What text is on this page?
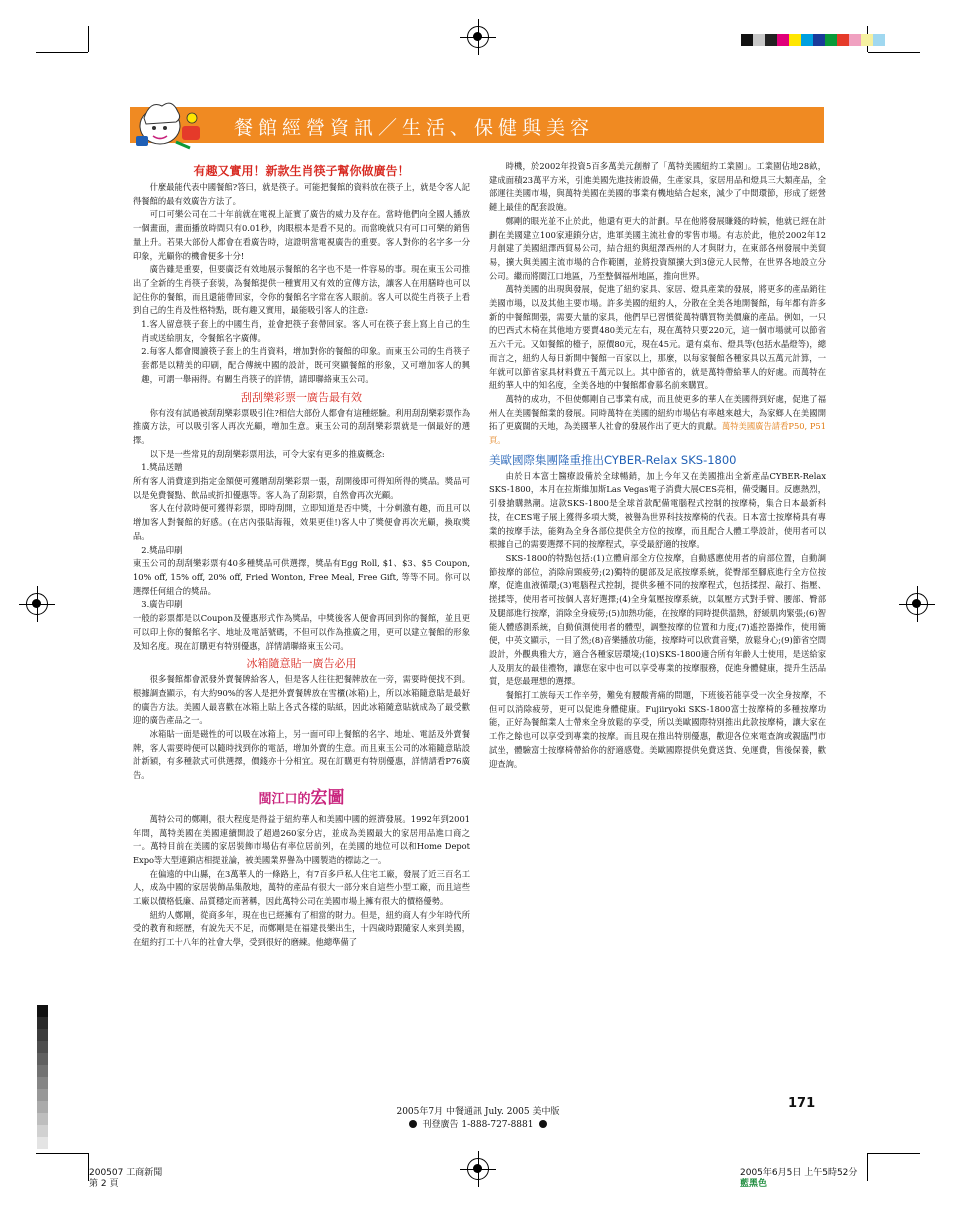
餐館經營資訊／生活、保健與美容
有趣又實用！新款生肖筷子幫你做廣告！

什麼最能代表中國餐館?答曰，就是筷子。可能把餐館的資料放在筷子上，就是令客人記得餐館的最有效廣告方法了。

可口可樂公司在二十年前就在電視上証實了廣告的威力及存在。當時他們向全國人播放一個畫面，畫面播放時間只有0.01秒，肉眼根本是看不見的。而當晚就只有可口可樂的銷售量上升。若果大部份人都會在看廣告時，這證明當電視廣告的重要。客人對你的名字多一分印象，光顧你的機會便多十分!

廣告雖是重要，但要廣泛有效地展示餐館的名字也不是一件容易的事。現在東玉公司推出了全新的生肖筷子套裝，為餐館提供一種實用又有效的宣傳方法，讓客人在用膳時也可以記住你的餐館，而且還能帶回家，令你的餐館名字常在客人眼前。客人可以從生肖筷子上看到自己的生肖及性格特點，既有趣又實用，最能吸引客人的注意:

1.客人留意筷子套上的中國生肖，並會把筷子套帶回家。客人可在筷子套上寫上自己的生肖或送給朋友，令餐館名字廣傳。

2.每客人都會閱讀筷子套上的生肖資料，增加對你的餐館的印象。而東玉公司的生肖筷子套都是以精美的印刷，配合傳統中國的設計，既可突顯餐館的形象，又可增加客人的興趣，可謂一舉兩得。有關生肖筷子的詳情，請即聯絡東玉公司。

刮刮樂彩票一廣告最有效

你有沒有試過被刮刮樂彩票吸引住?相信大部份人都會有這種經驗。利用刮刮樂彩票作為推廣方法，可以吸引客人再次光顧，增加生意。東玉公司的刮刮樂彩票就是一個最好的選擇。

以下是一些常見的刮刮樂彩票用法，可令大家有更多的推廣概念:

1.獎品送贈

所有客人消費達到指定金額便可獲贈刮刮樂彩票一張，刮開後即可得知所得的獎品。獎品可以是免費餐點、飲品或折扣優惠等。客人為了刮彩票，自然會再次光顧。

客人在付款時便可獲得彩票，即時刮開，立即知道是否中獎，十分刺激有趣，而且可以增加客人對餐館的好感。(在店內張貼海報，效果更佳!)客人中了獎便會再次光顧，換取獎品。

2.獎品印刷

東玉公司的刮刮樂彩票有40多種獎品可供選擇，獎品有Egg Roll, $1、$3、$5 Coupon, 10% off, 15% off, 20% off, Fried Wonton, Free Meal, Free Gift, 等等不同。你可以選擇任何組合的獎品。

3.廣告印刷

一般的彩票都是以Coupon及優惠形式作為獎品，中獎後客人便會再回到你的餐館，並且更可以印上你的餐館名字、地址及電話號碼，不但可以作為推廣之用，更可以建立餐館的形象及知名度。現在訂購更有特別優惠，詳情請聯絡東玉公司。

冰箱隨意貼一廣告必用

很多餐館都會派發外賣餐牌給客人，但是客人往往把餐牌放在一旁，需要時便找不到。根據調查顯示，有大約90%的客人是把外賣餐牌放在雪櫃(冰箱)上，所以冰箱隨意貼是最好的廣告方法。美國人最喜歡在冰箱上貼上各式各樣的貼紙，因此冰箱隨意貼就成為了最受歡迎的廣告產品之一。

冰箱貼一面是磁性的可以吸在冰箱上，另一面可印上餐館的名字、地址、電話及外賣餐牌，客人需要時便可以隨時找到你的電話，增加外賣的生意。而且東玉公司的冰箱隨意貼設計新穎，有多種款式可供選擇，價錢亦十分相宜。現在訂購更有特別優惠，詳情請看P76廣告。

閩江口的宏圖

萬特公司的鄭剛，很大程度是得益于紐約華人和美國中國的經濟發展。1992年到2001年間，萬特美國在美國連續開設了超過260家分店，並成為美國最大的家居用品進口商之一。萬特目前在美國的家居裝飾市場佔有率位居前列，在美國的地位可以和Home Depot Expo等大型連鎖店相提並論，被美國業界譽為中國製造的標誌之一。

在偏遠的中山縣，在3萬華人的一條路上，有7百多戶私人住宅工廠，發展了近三百名工人，成為中國的家居裝飾品集散地，萬特的產品有很大一部分來自這些小型工廠，而且這些工廠以價格低廉、品質穩定而著稱，因此萬特公司在美國市場上擁有很大的價格優勢。

紐約人鄭剛，從商多年，現在也已經擁有了相當的財力。但是，紐約商人有少年時代所受的教育和經歷，有說先天不足，而鄭剛是在福建長樂出生，十四歲時跟隨家人來到美國，在紐約打工十八年的社會大學，受到很好的磨練。他總準備了

時機，於2002年投資5百多萬美元創辦了「萬特美國紐約工業園」。工業園佔地28畝，建成面積23萬平方米，引進美國先進技術設備，生產家具，家居用品和燈具三大類產品，全部運往美國市場，與萬特美國在美國的事業有機地結合起來，減少了中間環節，形成了經營鏈上最佳的配套設施。

鄭剛的眼光並不止於此，他還有更大的計劃。早在他將發展賺錢的時候，他就已經在計劃在美國建立100家連鎖分店，進軍美國主流社會的零售市場。有志於此，他於2002年12月創建了美國紐澤西貿易公司，結合紐約與紐澤西州的人才與財力，在東部各州發展中美貿易，擴大與美國主流市場的合作範圍，並將投資額擴大到3億元人民幣，在世界各地設立分公司。繼而將閩江口地區，乃至整個福州地區，推向世界。

萬特美國的出現與發展，促進了紐約家具、家居、燈具產業的發展，將更多的產品銷往美國市場，以及其他主要市場。許多美國的紐約人，分散在全美各地開餐館，每年都有許多新的中餐館開張，需要大量的家具，他們早已習慣從萬特購買物美價廉的產品。例如，一只的巴西式木椅在其他地方要賣480美元左右，現在萬特只要220元，這一個市場就可以節省五六千元。又如餐館的檯子，原價80元，現在45元。還有桌布、燈具等(包括水晶燈等)，總而言之，紐約人每日新開中餐館一百家以上，那麼，以每家餐館各種家具以五萬元計算，一年就可以節省家具材料費五千萬元以上。其中節省的，就是萬特帶給華人的好處。而萬特在紐約華人中的知名度，全美各地的中餐館都會慕名前來購買。

萬特的成功，不但使鄭剛自己事業有成，而且使更多的華人在美國得到好處，促進了福州人在美國餐館業的發展。同時萬特在美國的紐約市場佔有率越來越大，為家鄉人在美國開拓了更廣闊的天地，為美國華人社會的發展作出了更大的貢獻。萬特美國廣告請看P50, P51頁。

美歐國際集團隆重推出CYBER-Relax SKS-1800

由於日本富士醫療設備於全球暢銷，加上今年又在美國推出全新產品CYBER-Relax SKS-1800，本月在拉斯維加斯Las Vegas電子消費大展CES亮相，備受矚目。反應熱烈，引發搶購熱潮。這款SKS-1800是全球首款配備電腦程式控制的按摩椅，集合日本最新科技，在CES電子展上獲得多項大獎，被譽為世界科技按摩椅的代表。日本富士按摩椅具有專業的按摩手法，能夠為全身各部位提供全方位的按摩，而且配合人體工學設計，使用者可以根據自己的需要選擇不同的按摩程式，享受最舒適的按摩。

SKS-1800的特點包括:(1)立體肩部全方位按摩，自動感應使用者的肩部位置，自動調節按摩的部位，消除肩頸疲勞;(2)獨特的腿部及足底按摩系統，從臀部至腳底進行全方位按摩，促進血液循環;(3)電腦程式控制，提供多種不同的按摩程式，包括揉捏、敲打、指壓、搓揉等，使用者可按個人喜好選擇;(4)全身氣壓按摩系統，以氣壓方式對手臂、腰部、臀部及腿部進行按摩，消除全身疲勞;(5)加熱功能，在按摩的同時提供溫熱，舒緩肌肉緊張;(6)智能人體感測系統，自動偵測使用者的體型，調整按摩的位置和力度;(7)遙控器操作，使用簡便，中英文顯示，一目了然;(8)音樂播放功能，按摩時可以欣賞音樂，放鬆身心;(9)節省空間設計，外觀典雅大方，適合各種家居環境;(10)SKS-1800適合所有年齡人士使用，是送給家人及朋友的最佳禮物，讓您在家中也可以享受專業的按摩服務，促進身體健康，提升生活品質，是您最理想的選擇。

餐館打工族每天工作辛勞，難免有腰酸背痛的問題，下班後若能享受一次全身按摩，不但可以消除疲勞，更可以促進身體健康。Fujiiryoki SKS-1800富士按摩椅的多種按摩功能，正好為餐館業人士帶來全身放鬆的享受，所以美歐國際特別推出此款按摩椅，讓大家在工作之餘也可以享受到專業的按摩。而且現在推出特別優惠，歡迎各位來電查詢或親臨門市試坐，體驗富士按摩椅帶給你的舒適感覺。美歐國際提供免費送貨、免運費，售後保養，歡迎查詢。

171
2005年7月 中餐通訊 July. 2005 美中版
刊登廣告 1-888-727-8881
200507 工商新聞
第 2 頁
2005年6月5日 上午5時52分
藍黑色
